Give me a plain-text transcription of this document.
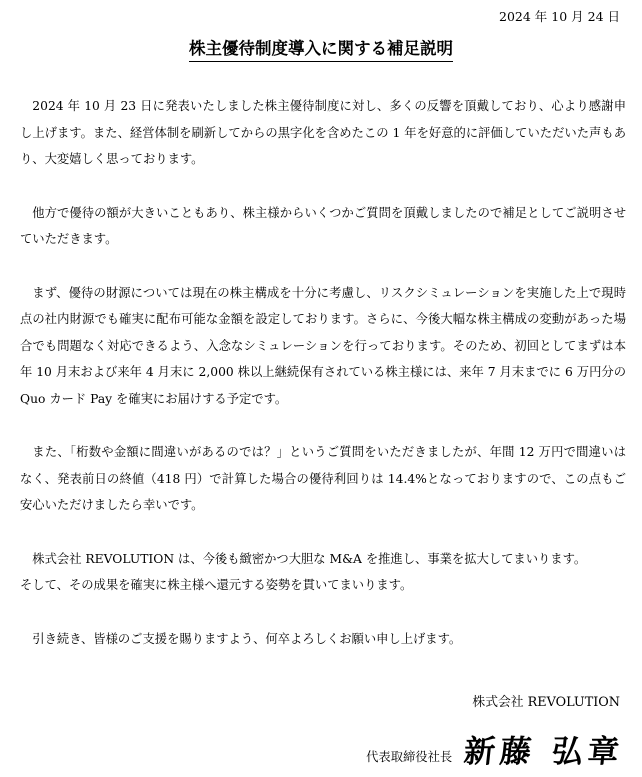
2024 年 10 月 24 日
株主優待制度導入に関する補足説明

2024 年 10 月 23 日に発表いたしました株主優待制度に対し、多くの反響を頂戴しており、心より感謝申し上げます。また、経営体制を刷新してからの黒字化を含めたこの 1 年を好意的に評価していただいた声もあり、大変嬉しく思っております。

他方で優待の額が大きいこともあり、株主様からいくつかご質問を頂戴しましたので補足としてご説明させていただきます。

まず、優待の財源については現在の株主構成を十分に考慮し、リスクシミュレーションを実施した上で現時点の社内財源でも確実に配布可能な金額を設定しております。さらに、今後大幅な株主構成の変動があった場合でも問題なく対応できるよう、入念なシミュレーションを行っております。そのため、初回としてまずは本年 10 月末および来年 4 月末に 2,000 株以上継続保有されている株主様には、来年 7 月末までに 6 万円分の Quo カード Pay を確実にお届けする予定です。

また、「桁数や金額に間違いがあるのでは？」というご質問をいただきましたが、年間 12 万円で間違いはなく、発表前日の終値（418 円）で計算した場合の優待利回りは 14.4%となっておりますので、この点もご安心いただけましたら幸いです。

株式会社 REVOLUTION は、今後も緻密かつ大胆な M&A を推進し、事業を拡大してまいります。
そして、その成果を確実に株主様へ還元する姿勢を貫いてまいります。

引き続き、皆様のご支援を賜りますよう、何卒よろしくお願い申し上げます。

株式会社 REVOLUTION
代表取締役社長 新藤 弘章
